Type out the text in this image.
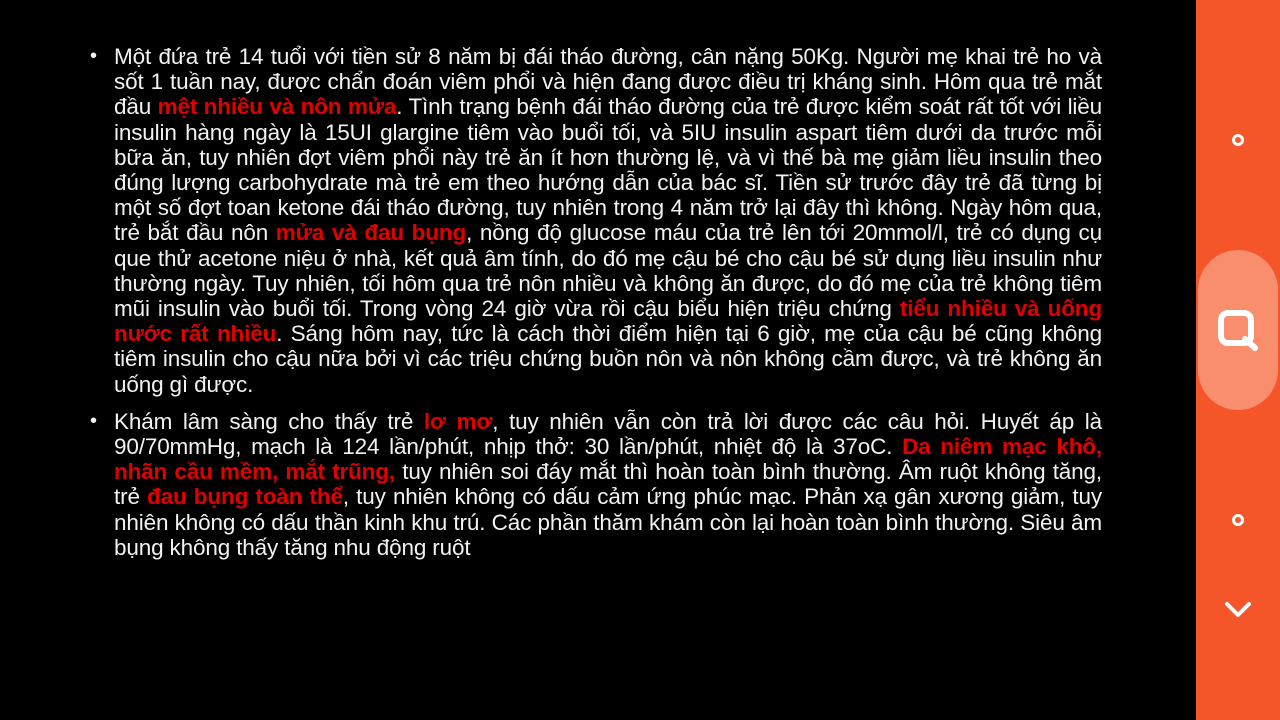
• Một đứa trẻ 14 tuổi với tiền sử 8 năm bị đái tháo đường, cân nặng 50Kg. Người mẹ khai trẻ ho và sốt 1 tuần nay, được chẩn đoán viêm phổi và hiện đang được điều trị kháng sinh. Hôm qua trẻ mắt đầu mệt nhiều và nôn mửa. Tình trạng bệnh đái tháo đường của trẻ được kiểm soát rất tốt với liều insulin hàng ngày là 15UI glargine tiêm vào buổi tối, và 5IU insulin aspart tiêm dưới da trước mỗi bữa ăn, tuy nhiên đợt viêm phổi này trẻ ăn ít hơn thường lệ, và vì thế bà mẹ giảm liều insulin theo đúng lượng carbohydrate mà trẻ em theo hướng dẫn của bác sĩ. Tiền sử trước đây trẻ đã từng bị một số đợt toan ketone đái tháo đường, tuy nhiên trong 4 năm trở lại đây thì không. Ngày hôm qua, trẻ bắt đầu nôn mửa và đau bụng, nồng độ glucose máu của trẻ lên tới 20mmol/l, trẻ có dụng cụ que thử acetone niệu ở nhà, kết quả âm tính, do đó mẹ cậu bé cho cậu bé sử dụng liều insulin như thường ngày. Tuy nhiên, tối hôm qua trẻ nôn nhiều và không ăn được, do đó mẹ của trẻ không tiêm mũi insulin vào buổi tối. Trong vòng 24 giờ vừa rồi cậu biểu hiện triệu chứng tiểu nhiều và uống nước rất nhiều. Sáng hôm nay, tức là cách thời điểm hiện tại 6 giờ, mẹ của cậu bé cũng không tiêm insulin cho cậu nữa bởi vì các triệu chứng buồn nôn và nôn không cầm được, và trẻ không ăn uống gì được.
• Khám lâm sàng cho thấy trẻ lơ mơ, tuy nhiên vẫn còn trả lời được các câu hỏi. Huyết áp là 90/70mmHg, mạch là 124 lần/phút, nhịp thở: 30 lần/phút, nhiệt độ là 37oC. Da niêm mạc khô, nhãn cầu mềm, mắt trũng, tuy nhiên soi đáy mắt thì hoàn toàn bình thường. Âm ruột không tăng, trẻ đau bụng toàn thể, tuy nhiên không có dấu cảm ứng phúc mạc. Phản xạ gân xương giảm, tuy nhiên không có dấu thần kinh khu trú. Các phần thăm khám còn lại hoàn toàn bình thường. Siêu âm bụng không thấy tăng nhu động ruột
